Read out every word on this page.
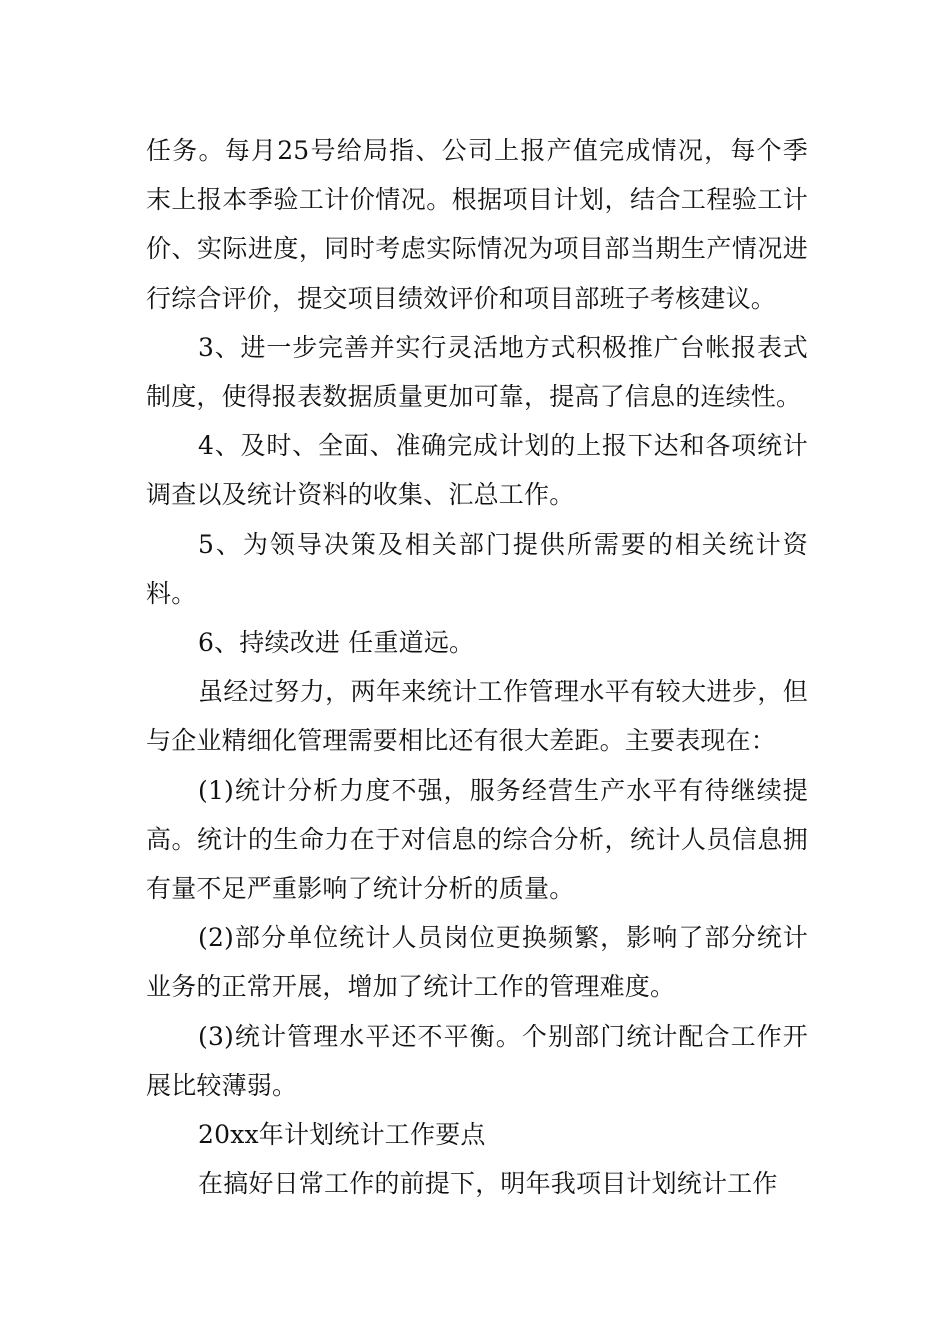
任务。每月25号给局指、公司上报产值完成情况，每个季末上报本季验工计价情况。根据项目计划，结合工程验工计价、实际进度，同时考虑实际情况为项目部当期生产情况进行综合评价，提交项目绩效评价和项目部班子考核建议。

3、进一步完善并实行灵活地方式积极推广台帐报表式制度，使得报表数据质量更加可靠，提高了信息的连续性。

4、及时、全面、准确完成计划的上报下达和各项统计调查以及统计资料的收集、汇总工作。

5、为领导决策及相关部门提供所需要的相关统计资料。

6、持续改进 任重道远。

虽经过努力，两年来统计工作管理水平有较大进步，但与企业精细化管理需要相比还有很大差距。主要表现在：

(1)统计分析力度不强，服务经营生产水平有待继续提高。统计的生命力在于对信息的综合分析，统计人员信息拥有量不足严重影响了统计分析的质量。

(2)部分单位统计人员岗位更换频繁，影响了部分统计业务的正常开展，增加了统计工作的管理难度。

(3)统计管理水平还不平衡。个别部门统计配合工作开展比较薄弱。

20xx年计划统计工作要点

在搞好日常工作的前提下，明年我项目计划统计工作
